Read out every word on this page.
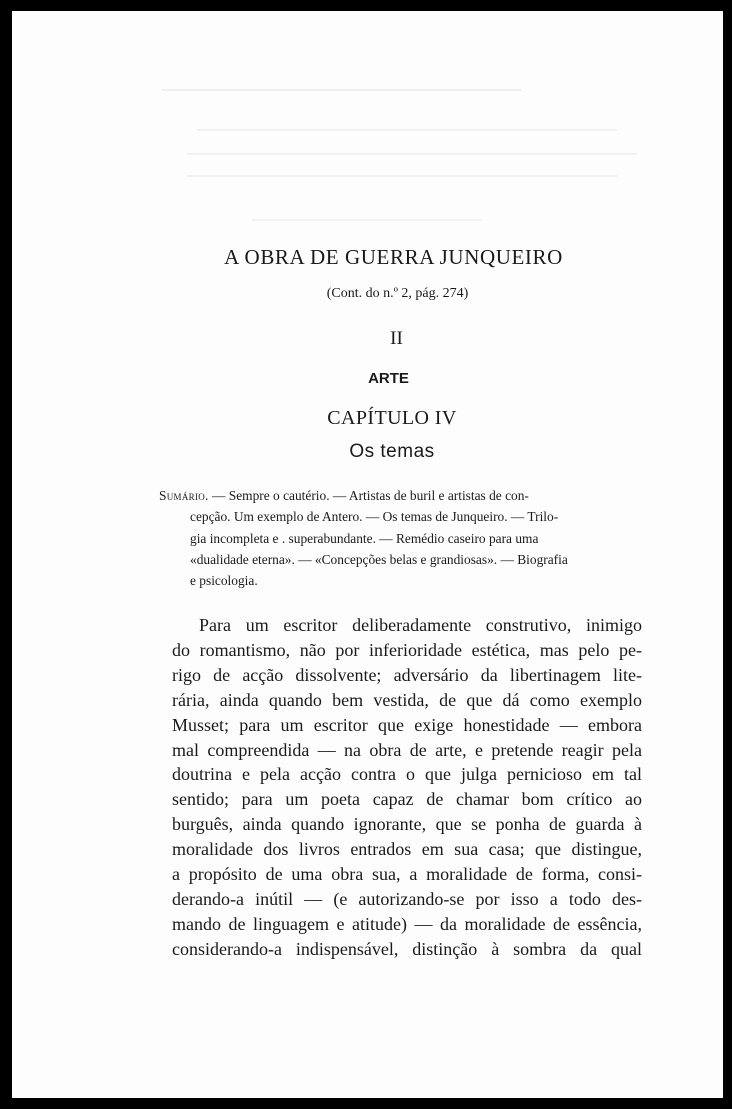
A OBRA DE GUERRA JUNQUEIRO
(Cont. do n.º 2, pág. 274)
II
ARTE
CAPÍTULO IV
Os temas
Sumário. — Sempre o cautério. — Artistas de buril e artistas de con-
cepção. Um exemplo de Antero. — Os temas de Junqueiro. — Trilo-
gia incompleta e . superabundante. — Remédio caseiro para uma
«dualidade eterna». — «Concepções belas e grandiosas». — Biografia
e psicologia.
Para um escritor deliberadamente construtivo, inimigo
do romantismo, não por inferioridade estética, mas pelo pe-
rigo de acção dissolvente; adversário da libertinagem lite-
rária, ainda quando bem vestida, de que dá como exemplo
Musset; para um escritor que exige honestidade — embora
mal compreendida — na obra de arte, e pretende reagir pela
doutrina e pela acção contra o que julga pernicioso em tal
sentido; para um poeta capaz de chamar bom crítico ao
burguês, ainda quando ignorante, que se ponha de guarda à
moralidade dos livros entrados em sua casa; que distingue,
a propósito de uma obra sua, a moralidade de forma, consi-
derando-a inútil — (e autorizando-se por isso a todo des-
mando de linguagem e atitude) — da moralidade de essência,
considerando-a indispensável, distinção à sombra da qual
